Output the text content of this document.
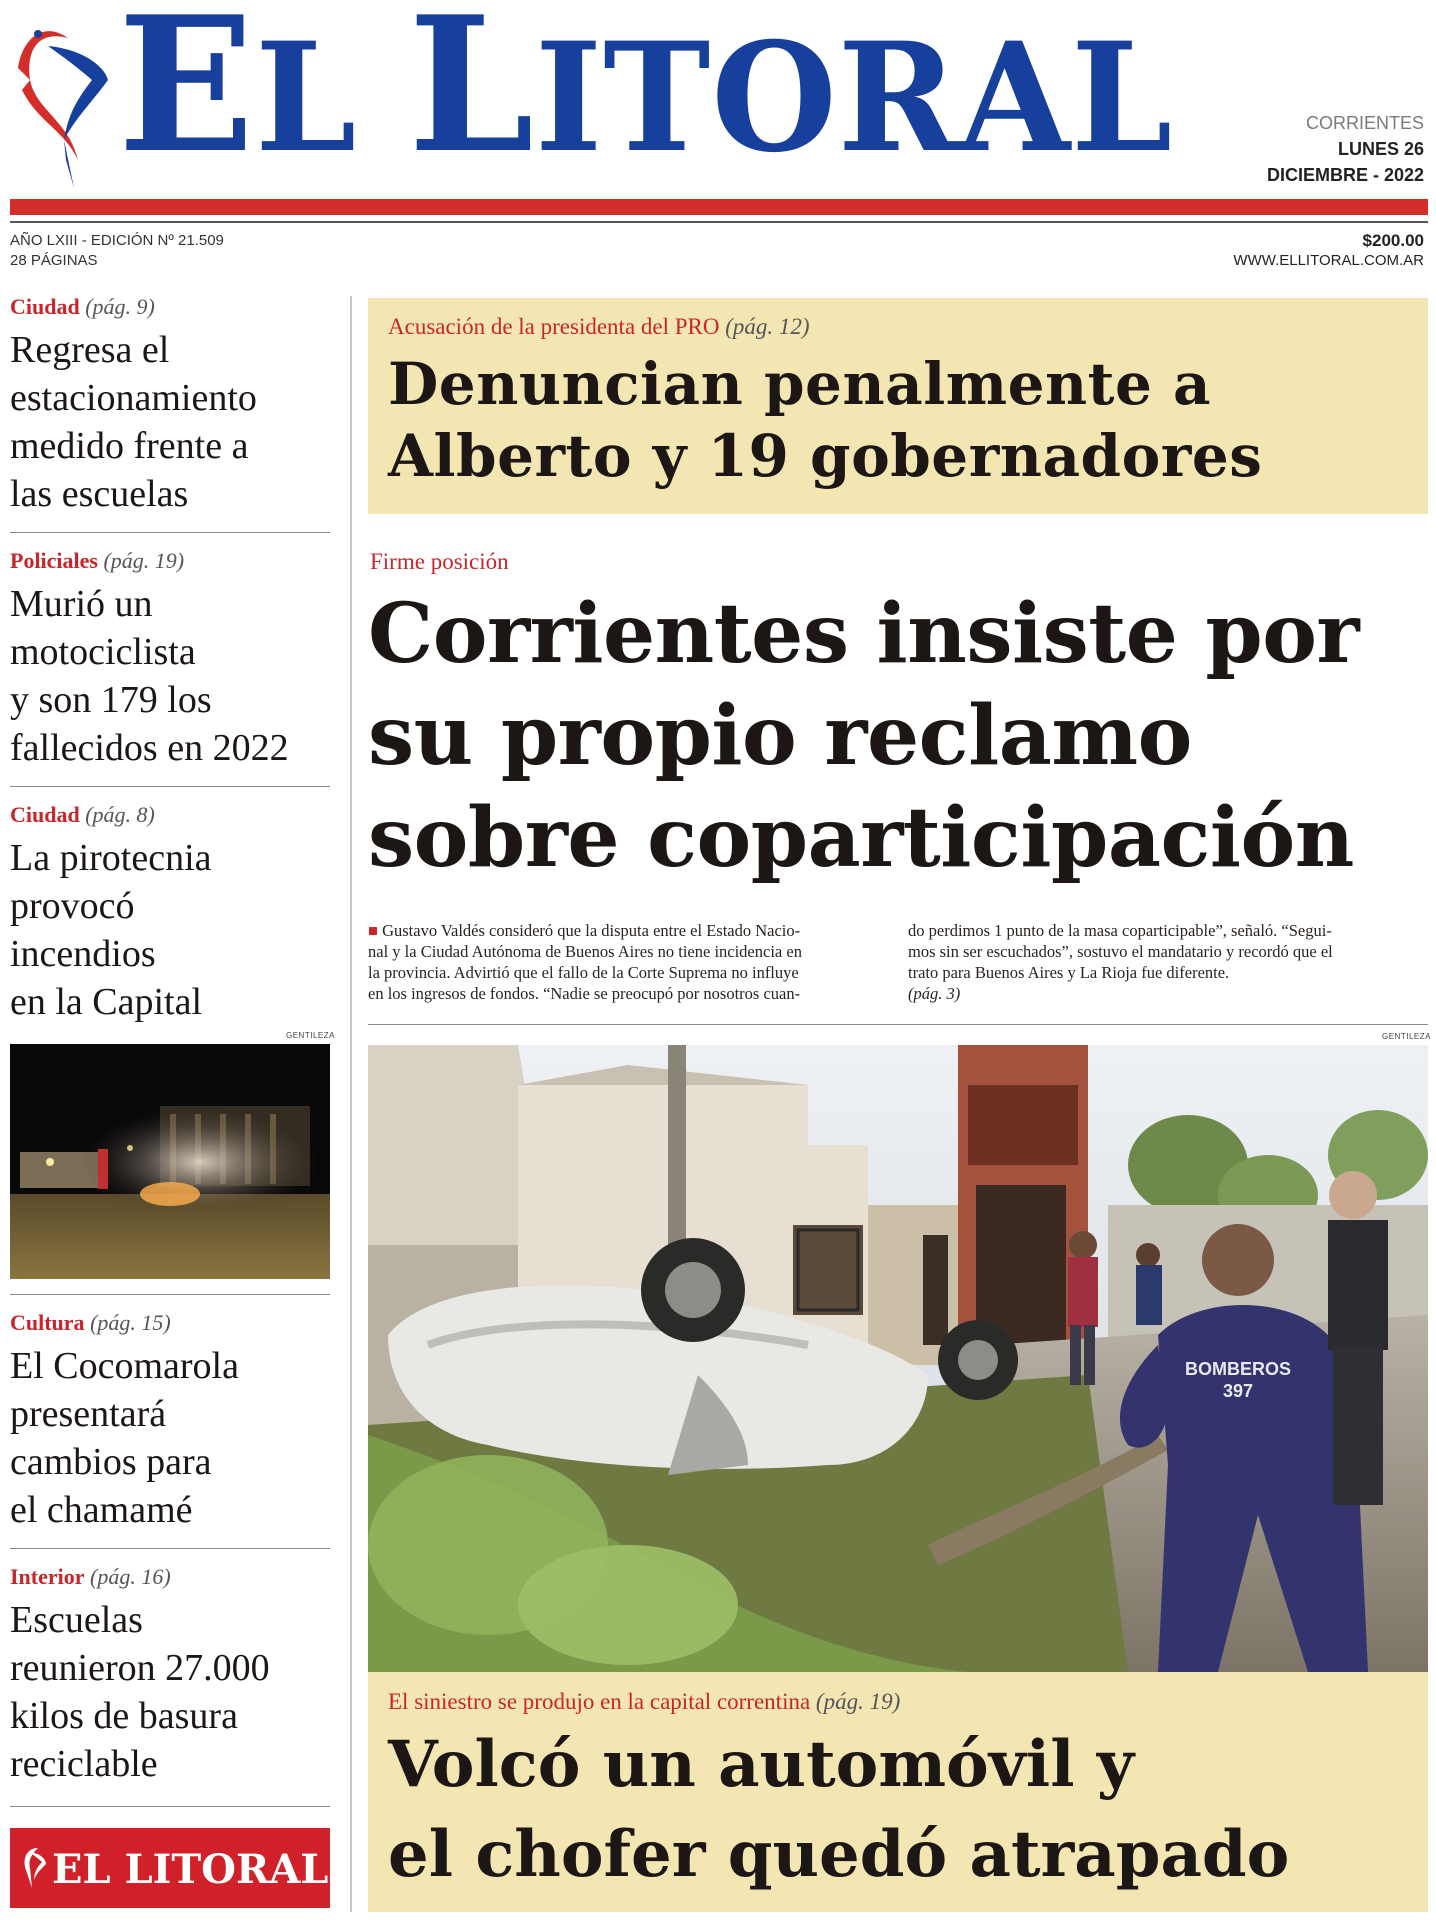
EL LITORAL	CORRIENTES
LUNES 26
DICIEMBRE - 2022
AÑO LXIII - EDICIÓN Nº 21.509
28 PÁGINAS
$200.00
WWW.ELLITORAL.COM.AR
Ciudad (pág. 9)
Regresa el
estacionamiento
medido frente a
las escuelas
Policiales (pág. 19)
Murió un
motociclista
y son 179 los
fallecidos en 2022
Ciudad (pág. 8)
La pirotecnia
provocó
incendios
en la Capital
GENTILEZA
Cultura (pág. 15)
El Cocomarola
presentará
cambios para
el chamamé
Interior (pág. 16)
Escuelas
reunieron 27.000
kilos de basura
reciclable
EL LITORAL
Acusación de la presidenta del PRO (pág. 12)
Denuncian penalmente a
Alberto y 19 gobernadores
Firme posición
Corrientes insiste por
su propio reclamo
sobre coparticipación
■ Gustavo Valdés consideró que la disputa entre el Estado Nacio-
nal y la Ciudad Autónoma de Buenos Aires no tiene incidencia en
la provincia. Advirtió que el fallo de la Corte Suprema no influye
en los ingresos de fondos. “Nadie se preocupó por nosotros cuan-
do perdimos 1 punto de la masa coparticipable”, señaló. “Segui-
mos sin ser escuchados”, sostuvo el mandatario y recordó que el
trato para Buenos Aires y La Rioja fue diferente.
(pág. 3)
GENTILEZA
BOMBEROS
397
El siniestro se produjo en la capital correntina (pág. 19)
Volcó un automóvil y
el chofer quedó atrapado
